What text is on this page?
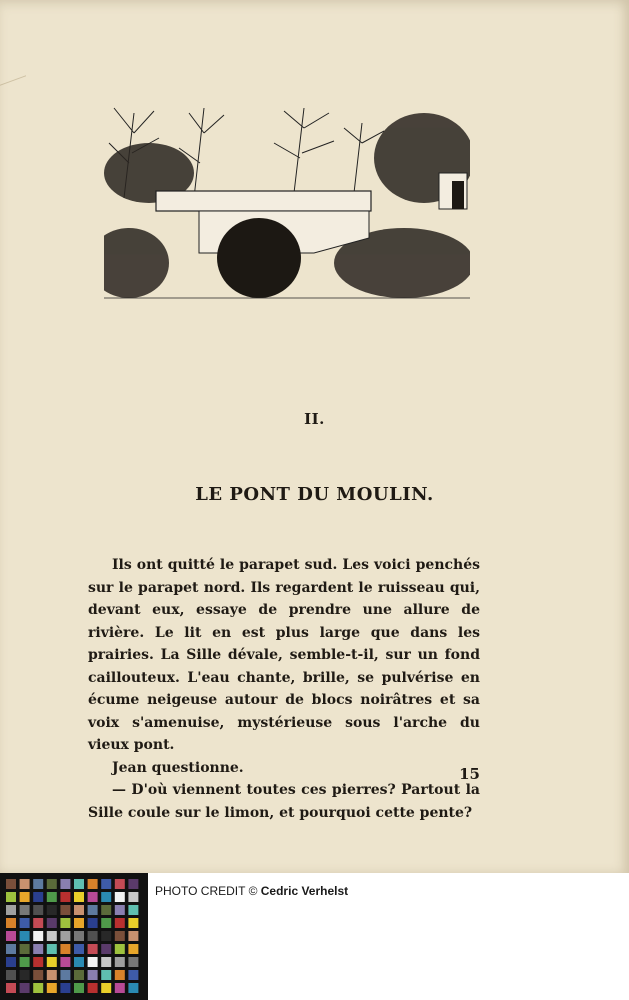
II.
LE PONT DU MOULIN.

Ils ont quitté le parapet sud. Les voici penchés sur le parapet nord. Ils regardent le ruisseau qui, devant eux, essaye de prendre une allure de rivière. Le lit en est plus large que dans les prairies. La Sille dévale, semble-t-il, sur un fond caillouteux. L'eau chante, brille, se pulvérise en écume neigeuse autour de blocs noirâtres et sa voix s'amenuise, mystérieuse sous l'arche du vieux pont.

Jean questionne.

— D'où viennent toutes ces pierres? Partout la Sille coule sur le limon, et pourquoi cette pente?

15
PHOTO CREDIT © Cedric Verhelst
